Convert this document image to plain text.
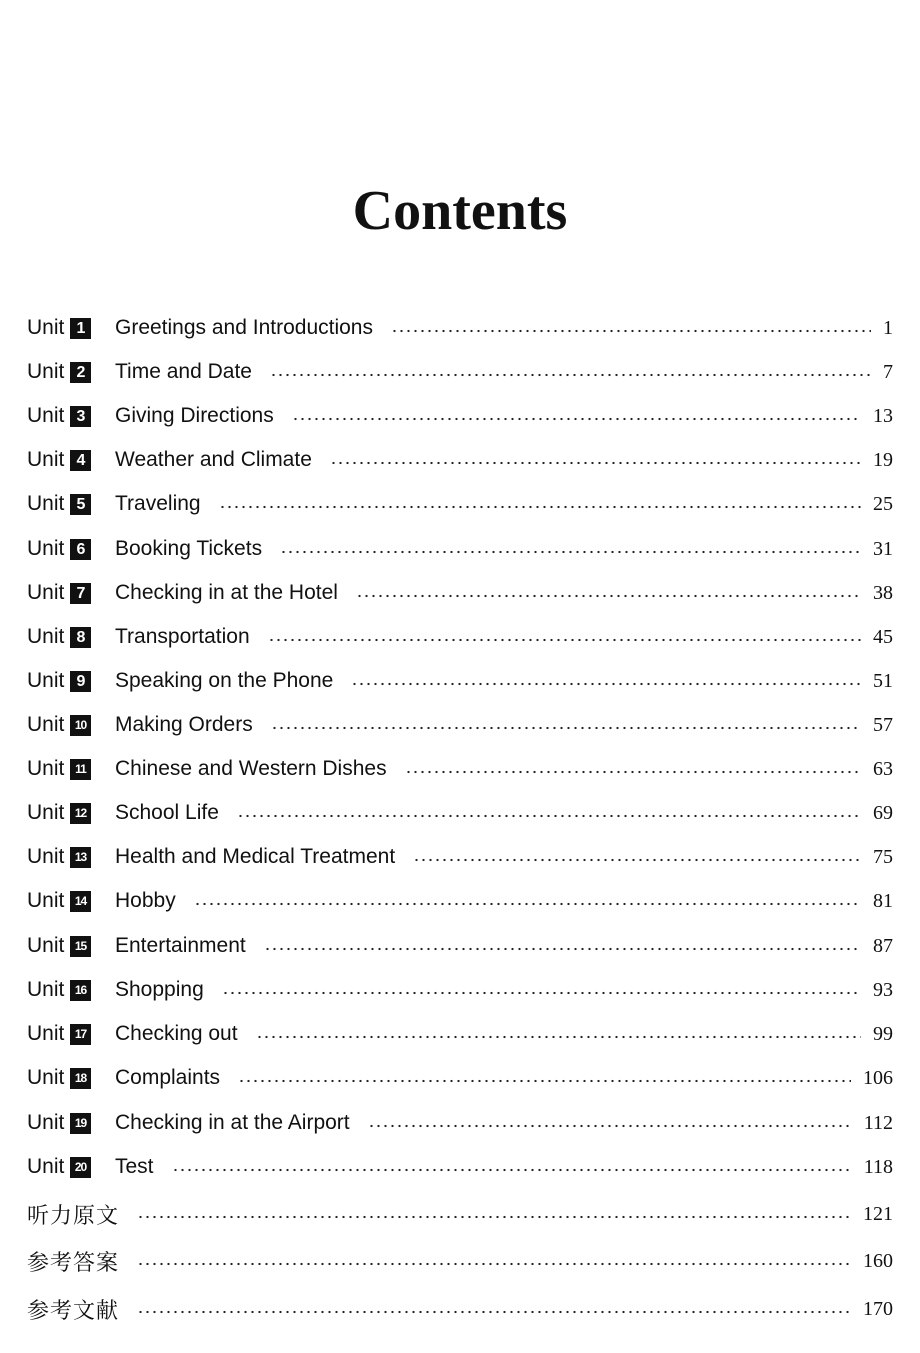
Contents
Unit 1	Greetings and Introductions	1
Unit 2	Time and Date	7
Unit 3	Giving Directions	13
Unit 4	Weather and Climate	19
Unit 5	Traveling	25
Unit 6	Booking Tickets	31
Unit 7	Checking in at the Hotel	38
Unit 8	Transportation	45
Unit 9	Speaking on the Phone	51
Unit 10 Making Orders	57
Unit 11 Chinese and Western Dishes	63
Unit 12 School Life	69
Unit 13 Health and Medical Treatment	75
Unit 14 Hobby	81
Unit 15 Entertainment	87
Unit 16 Shopping	93
Unit 17 Checking out	99
Unit 18 Complaints	106
Unit 19 Checking in at the Airport	112
Unit 20 Test	118
听力原文	121
参考答案	160
参考文献	170
